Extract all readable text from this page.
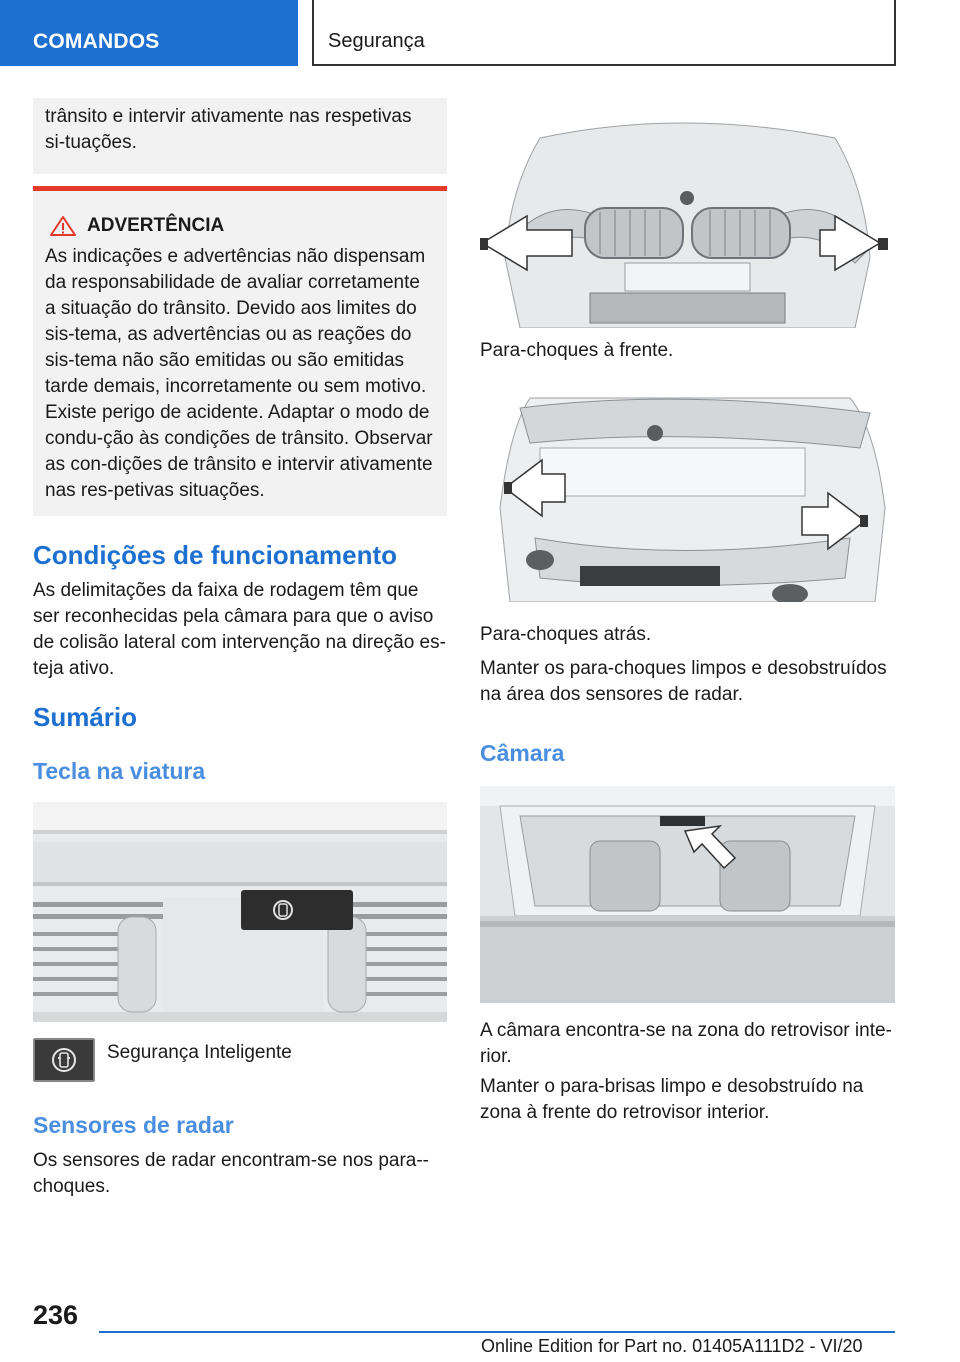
COMANDOS	Segurança
trânsito e intervir ativamente nas respetivas si-tuações.
ADVERTÊNCIA
As indicações e advertências não dispensam da responsabilidade de avaliar corretamente a situação do trânsito. Devido aos limites do sis-tema, as advertências ou as reações do sis-tema não são emitidas ou são emitidas tarde demais, incorretamente ou sem motivo. Existe perigo de acidente. Adaptar o modo de condu-ção às condições de trânsito. Observar as con-dições de trânsito e intervir ativamente nas res-petivas situações.
Condições de funcionamento
As delimitações da faixa de rodagem têm que ser reconhecidas pela câmara para que o aviso de colisão lateral com intervenção na direção es-teja ativo.
Sumário
Tecla na viatura
Segurança Inteligente
Sensores de radar
Os sensores de radar encontram-se nos para--choques.
Para-choques à frente.
Para-choques atrás.
Manter os para-choques limpos e desobstruídos na área dos sensores de radar.
Câmara
A câmara encontra-se na zona do retrovisor inte-rior.
Manter o para-brisas limpo e desobstruído na zona à frente do retrovisor interior.
236
Online Edition for Part no. 01405A111D2 - VI/20
